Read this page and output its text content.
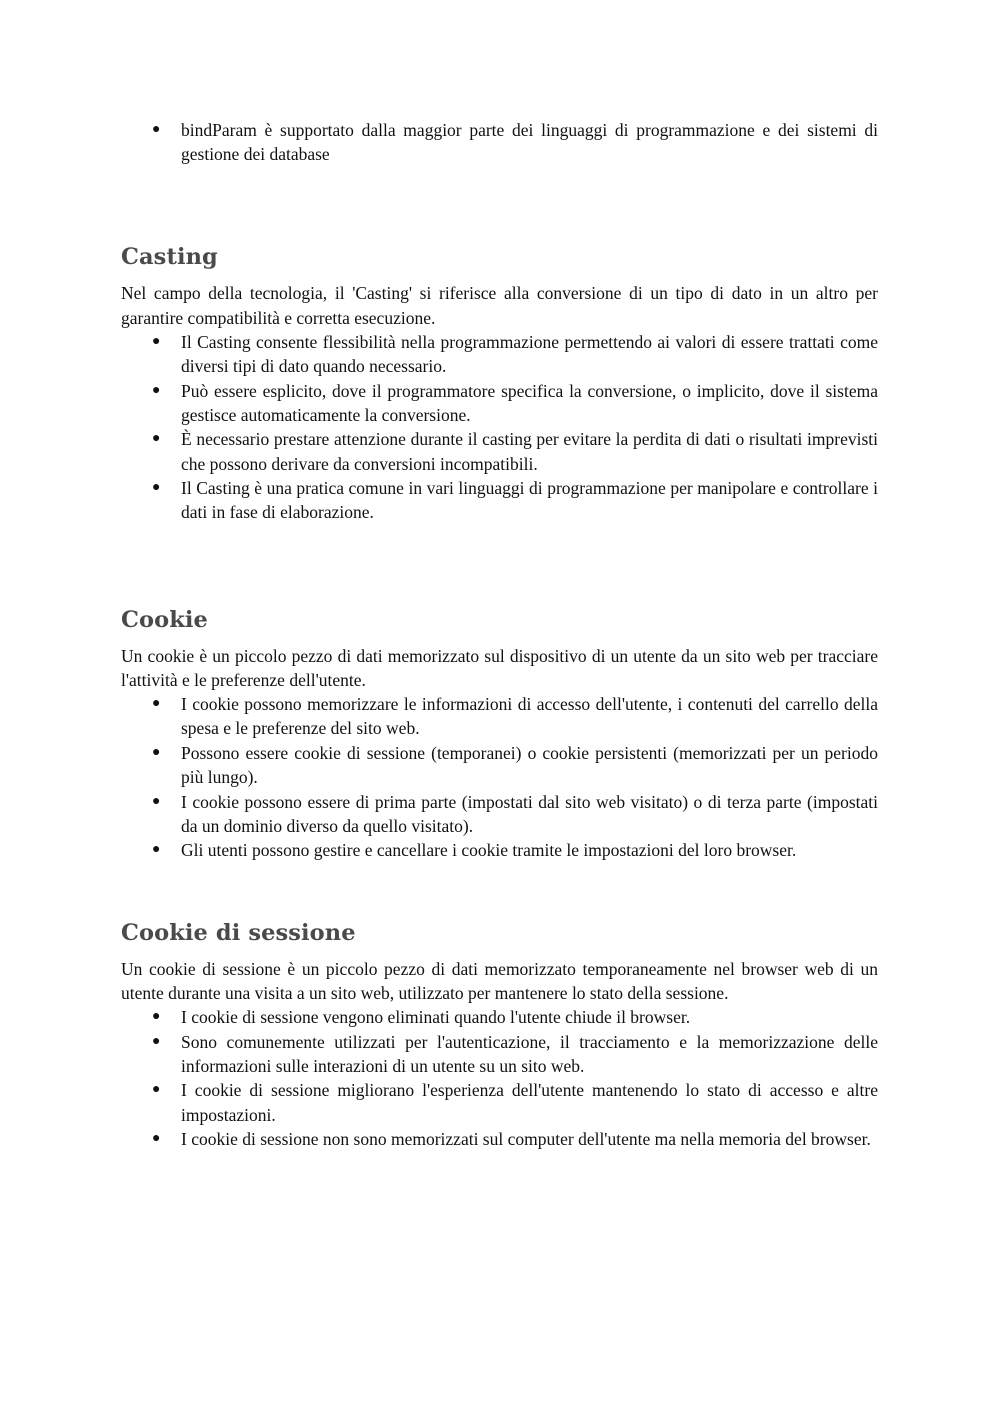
● bindParam è supportato dalla maggior parte dei linguaggi di programmazione e dei sistemi di gestione dei database
Casting

Nel campo della tecnologia, il 'Casting' si riferisce alla conversione di un tipo di dato in un altro per garantire compatibilità e corretta esecuzione.

● Il Casting consente flessibilità nella programmazione permettendo ai valori di essere trattati come diversi tipi di dato quando necessario.
● Può essere esplicito, dove il programmatore specifica la conversione, o implicito, dove il sistema gestisce automaticamente la conversione.
● È necessario prestare attenzione durante il casting per evitare la perdita di dati o risultati imprevisti che possono derivare da conversioni incompatibili.
● Il Casting è una pratica comune in vari linguaggi di programmazione per manipolare e controllare i dati in fase di elaborazione.
Cookie

Un cookie è un piccolo pezzo di dati memorizzato sul dispositivo di un utente da un sito web per tracciare l'attività e le preferenze dell'utente.

● I cookie possono memorizzare le informazioni di accesso dell'utente, i contenuti del carrello della spesa e le preferenze del sito web.
● Possono essere cookie di sessione (temporanei) o cookie persistenti (memorizzati per un periodo più lungo).
● I cookie possono essere di prima parte (impostati dal sito web visitato) o di terza parte (impostati da un dominio diverso da quello visitato).
● Gli utenti possono gestire e cancellare i cookie tramite le impostazioni del loro browser.
Cookie di sessione

Un cookie di sessione è un piccolo pezzo di dati memorizzato temporaneamente nel browser web di un utente durante una visita a un sito web, utilizzato per mantenere lo stato della sessione.

● I cookie di sessione vengono eliminati quando l'utente chiude il browser.
● Sono comunemente utilizzati per l'autenticazione, il tracciamento e la memorizzazione delle informazioni sulle interazioni di un utente su un sito web.
● I cookie di sessione migliorano l'esperienza dell'utente mantenendo lo stato di accesso e altre impostazioni.
● I cookie di sessione non sono memorizzati sul computer dell'utente ma nella memoria del browser.
